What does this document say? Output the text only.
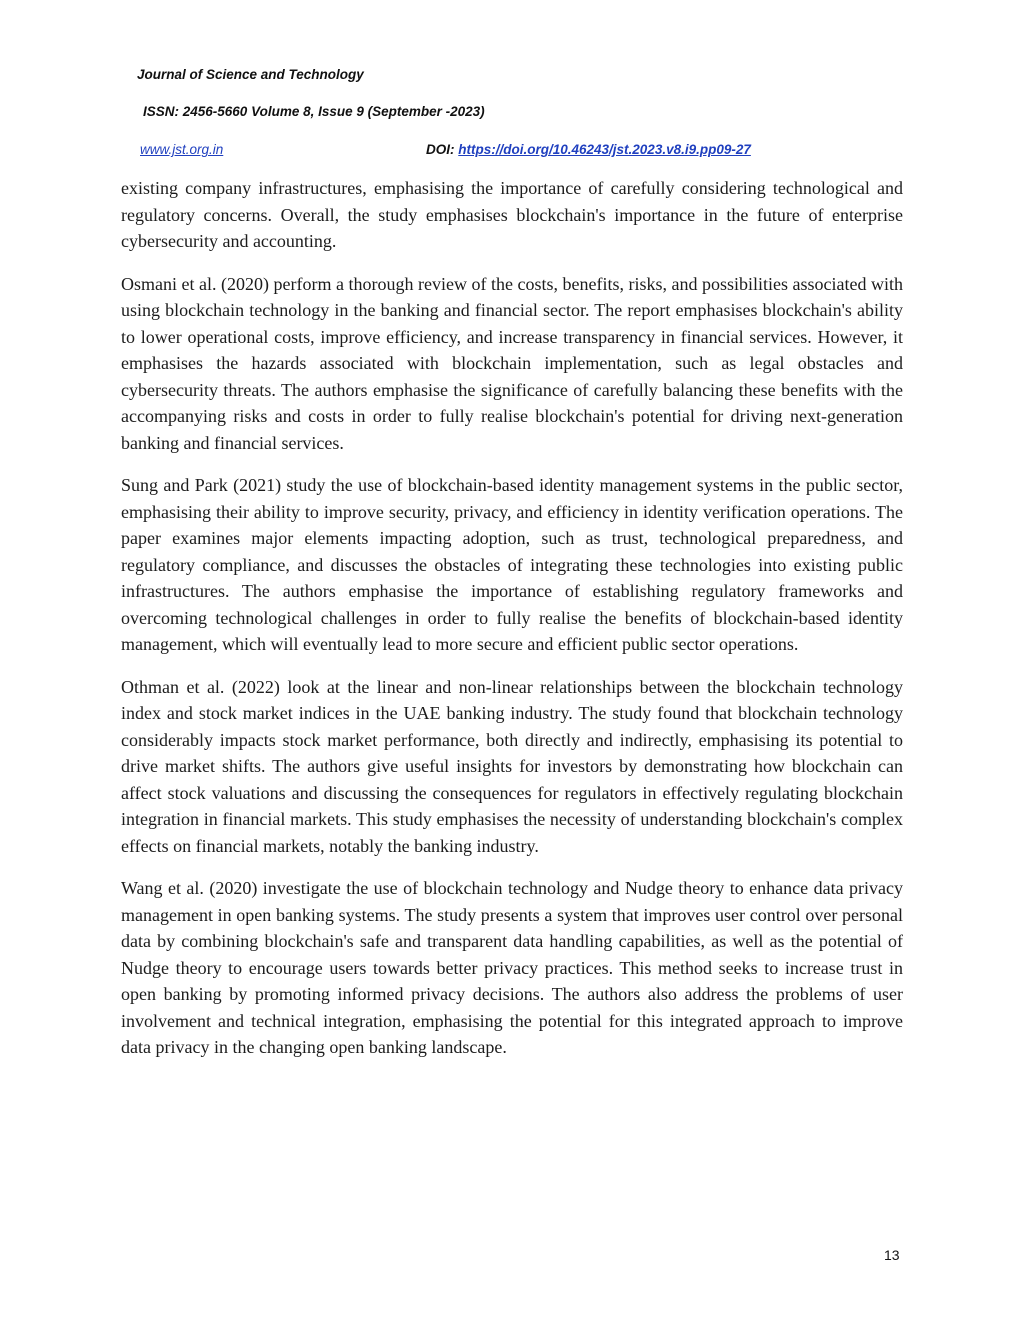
Journal of Science and Technology
ISSN: 2456-5660 Volume 8, Issue 9 (September -2023)
www.jst.org.in	DOI: https://doi.org/10.46243/jst.2023.v8.i9.pp09-27

existing company infrastructures, emphasising the importance of carefully considering technological and regulatory concerns. Overall, the study emphasises blockchain's importance in the future of enterprise cybersecurity and accounting.

Osmani et al. (2020) perform a thorough review of the costs, benefits, risks, and possibilities associated with using blockchain technology in the banking and financial sector. The report emphasises blockchain's ability to lower operational costs, improve efficiency, and increase transparency in financial services. However, it emphasises the hazards associated with blockchain implementation, such as legal obstacles and cybersecurity threats. The authors emphasise the significance of carefully balancing these benefits with the accompanying risks and costs in order to fully realise blockchain's potential for driving next-generation banking and financial services.

Sung and Park (2021) study the use of blockchain-based identity management systems in the public sector, emphasising their ability to improve security, privacy, and efficiency in identity verification operations. The paper examines major elements impacting adoption, such as trust, technological preparedness, and regulatory compliance, and discusses the obstacles of integrating these technologies into existing public infrastructures. The authors emphasise the importance of establishing regulatory frameworks and overcoming technological challenges in order to fully realise the benefits of blockchain-based identity management, which will eventually lead to more secure and efficient public sector operations.

Othman et al. (2022) look at the linear and non-linear relationships between the blockchain technology index and stock market indices in the UAE banking industry. The study found that blockchain technology considerably impacts stock market performance, both directly and indirectly, emphasising its potential to drive market shifts. The authors give useful insights for investors by demonstrating how blockchain can affect stock valuations and discussing the consequences for regulators in effectively regulating blockchain integration in financial markets. This study emphasises the necessity of understanding blockchain's complex effects on financial markets, notably the banking industry.

Wang et al. (2020) investigate the use of blockchain technology and Nudge theory to enhance data privacy management in open banking systems. The study presents a system that improves user control over personal data by combining blockchain's safe and transparent data handling capabilities, as well as the potential of Nudge theory to encourage users towards better privacy practices. This method seeks to increase trust in open banking by promoting informed privacy decisions. The authors also address the problems of user involvement and technical integration, emphasising the potential for this integrated approach to improve data privacy in the changing open banking landscape.

13
